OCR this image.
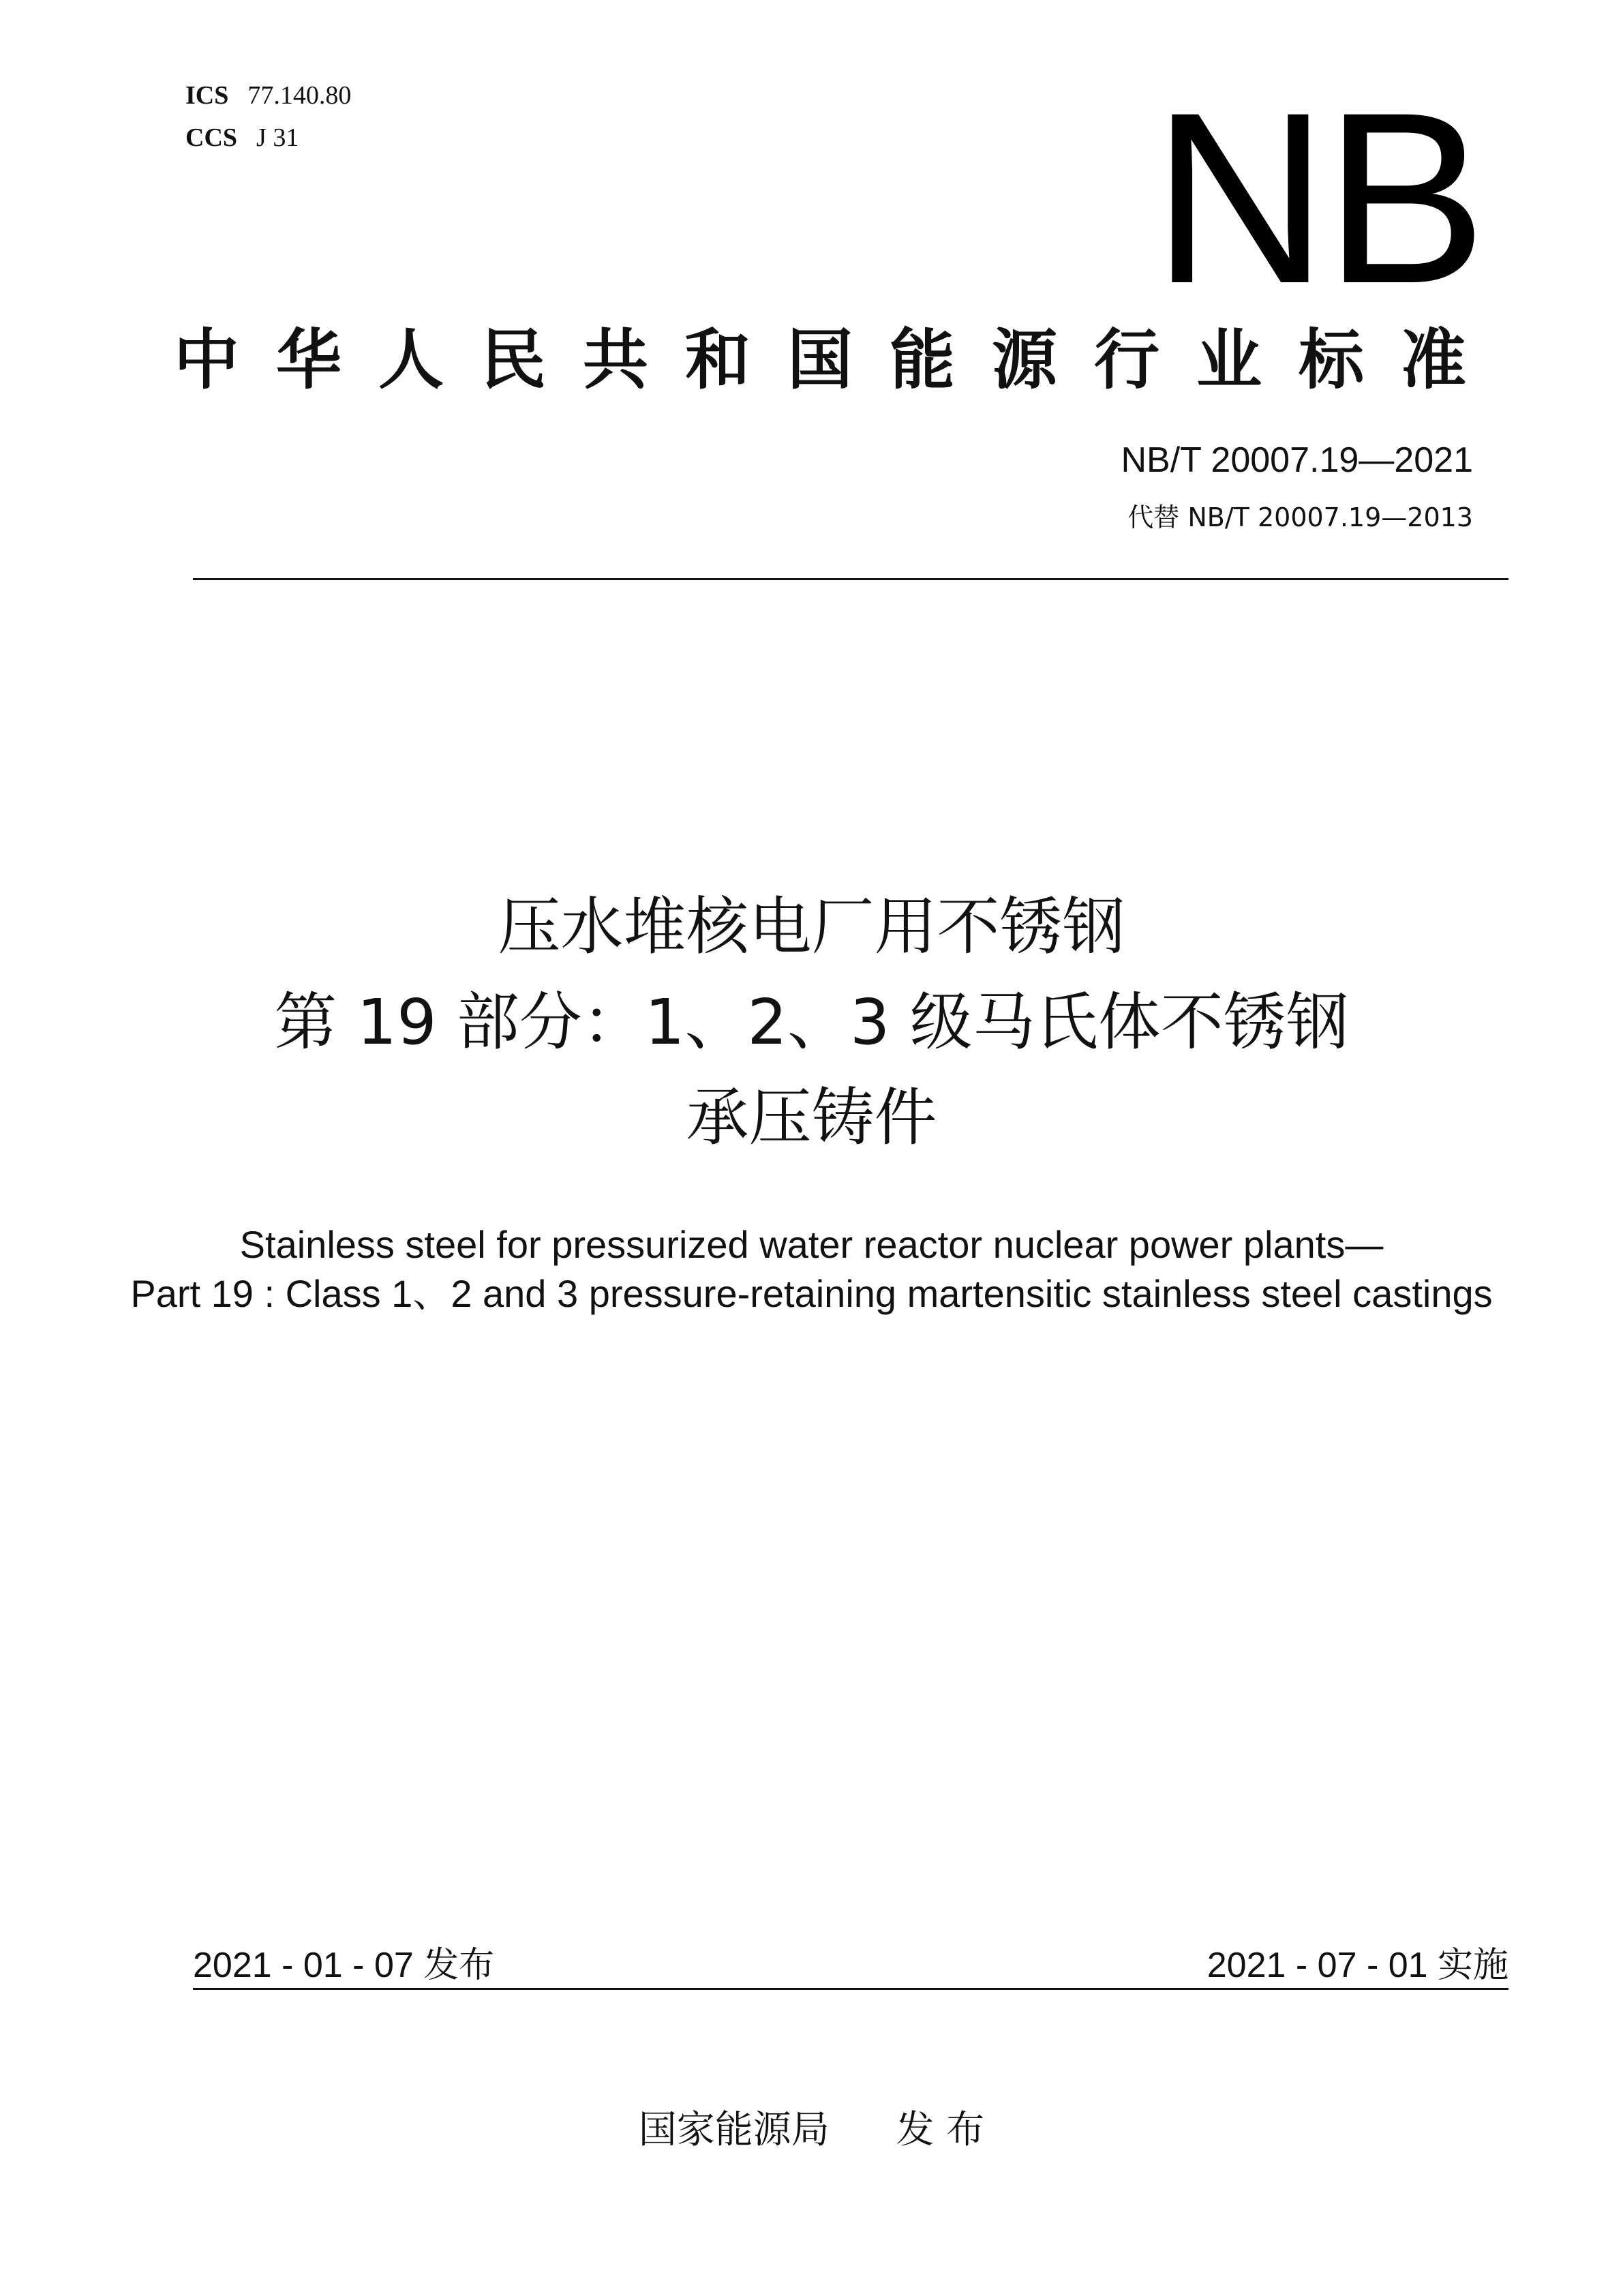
ICS 77.140.80
CCS J 31	NB
中华人民共和国能源行业标准
NB/T 20007.19—2021
代替 NB/T 20007.19—2013
压水堆核电厂用不锈钢
第 19 部分：1、2、3 级马氏体不锈钢
承压铸件
Stainless steel for pressurized water reactor nuclear power plants—
Part 19 : Class 1、2 and 3 pressure-retaining martensitic stainless steel castings
2021 - 01 - 07 发布	2021 - 07 - 01 实施
国家能源局 发 布
